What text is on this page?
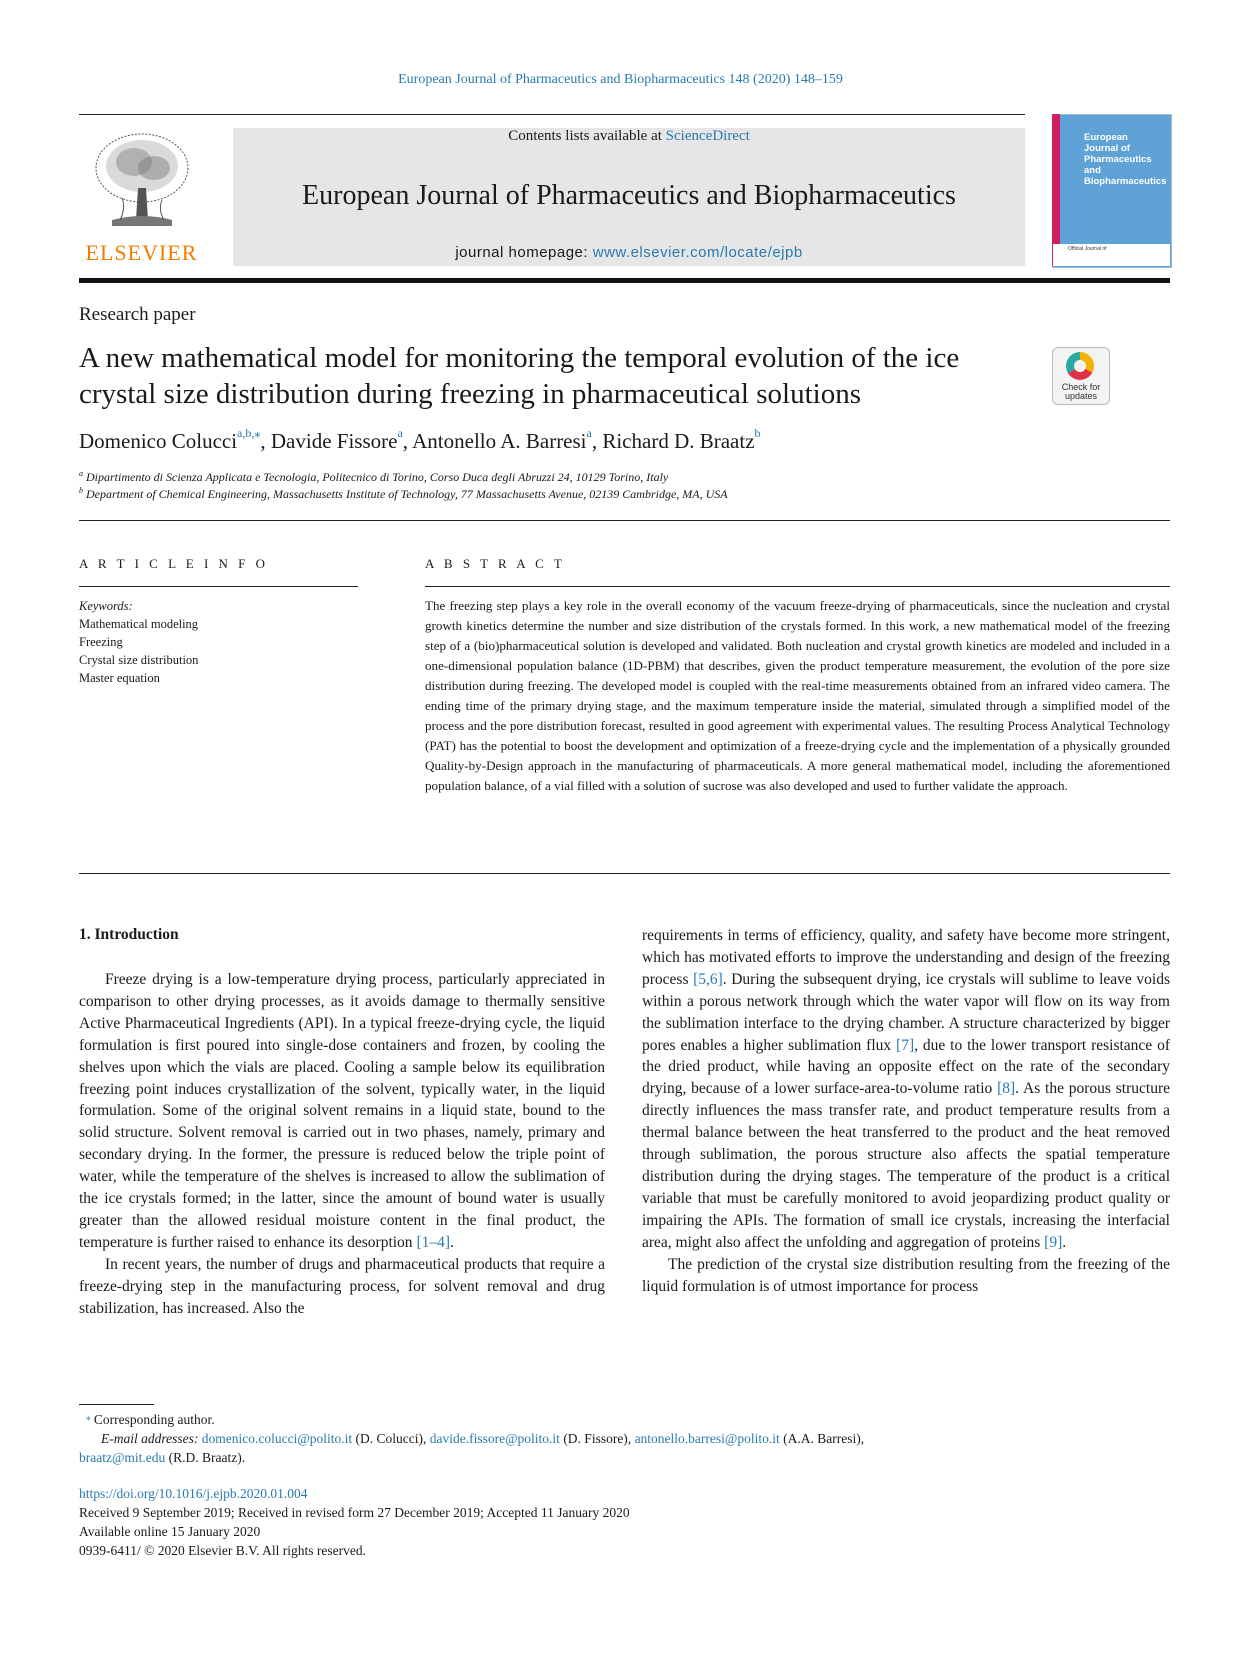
European Journal of Pharmaceutics and Biopharmaceutics 148 (2020) 148–159
ELSEVIER
Contents lists available at ScienceDirect
European Journal of Pharmaceutics and Biopharmaceutics
journal homepage: www.elsevier.com/locate/ejpb
European
Journal of
Pharmaceutics and
Biopharmaceutics
Official Journal of
Research paper
A new mathematical model for monitoring the temporal evolution of the ice crystal size distribution during freezing in pharmaceutical solutions	Check for
updates
Domenico Colucci$^{a,b,⁎}$, Davide Fissore$^a$, Antonello A. Barresi$^a$, Richard D. Braatz$^b$
$^a$ Dipartimento di Scienza Applicata e Tecnologia, Politecnico di Torino, Corso Duca degli Abruzzi 24, 10129 Torino, Italy
$^b$ Department of Chemical Engineering, Massachusetts Institute of Technology, 77 Massachusetts Avenue, 02139 Cambridge, MA, USA
A R T I C L E I N F O
Keywords:
Mathematical modeling
Freezing
Crystal size distribution
Master equation
A B S T R A C T
The freezing step plays a key role in the overall economy of the vacuum freeze-drying of pharmaceuticals, since the nucleation and crystal growth kinetics determine the number and size distribution of the crystals formed. In this work, a new mathematical model of the freezing step of a (bio)pharmaceutical solution is developed and validated. Both nucleation and crystal growth kinetics are modeled and included in a one-dimensional population balance (1D-PBM) that describes, given the product temperature measurement, the evolution of the pore size distribution during freezing. The developed model is coupled with the real-time measurements obtained from an infrared video camera. The ending time of the primary drying stage, and the maximum temperature inside the material, simulated through a simplified model of the process and the pore distribution forecast, resulted in good agreement with experimental values. The resulting Process Analytical Technology (PAT) has the potential to boost the development and optimization of a freeze-drying cycle and the implementation of a physically grounded Quality-by-Design approach in the manufacturing of pharmaceuticals. A more general mathematical model, including the aforementioned population balance, of a vial filled with a solution of sucrose was also developed and used to further validate the approach.
1. Introduction

Freeze drying is a low-temperature drying process, particularly appreciated in comparison to other drying processes, as it avoids damage to thermally sensitive Active Pharmaceutical Ingredients (API). In a typical freeze-drying cycle, the liquid formulation is first poured into single-dose containers and frozen, by cooling the shelves upon which the vials are placed. Cooling a sample below its equilibration freezing point induces crystallization of the solvent, typically water, in the liquid formulation. Some of the original solvent remains in a liquid state, bound to the solid structure. Solvent removal is carried out in two phases, namely, primary and secondary drying. In the former, the pressure is reduced below the triple point of water, while the temperature of the shelves is increased to allow the sublimation of the ice crystals formed; in the latter, since the amount of bound water is usually greater than the allowed residual moisture content in the final product, the temperature is further raised to enhance its desorption [1–4].

In recent years, the number of drugs and pharmaceutical products that require a freeze-drying step in the manufacturing process, for solvent removal and drug stabilization, has increased. Also the

requirements in terms of efficiency, quality, and safety have become more stringent, which has motivated efforts to improve the understanding and design of the freezing process [5,6]. During the subsequent drying, ice crystals will sublime to leave voids within a porous network through which the water vapor will flow on its way from the sublimation interface to the drying chamber. A structure characterized by bigger pores enables a higher sublimation flux [7], due to the lower transport resistance of the dried product, while having an opposite effect on the rate of the secondary drying, because of a lower surface-area-to-volume ratio [8]. As the porous structure directly influences the mass transfer rate, and product temperature results from a thermal balance between the heat transferred to the product and the heat removed through sublimation, the porous structure also affects the spatial temperature distribution during the drying stages. The temperature of the product is a critical variable that must be carefully monitored to avoid jeopardizing product quality or impairing the APIs. The formation of small ice crystals, increasing the interfacial area, might also affect the unfolding and aggregation of proteins [9].

The prediction of the crystal size distribution resulting from the freezing of the liquid formulation is of utmost importance for process

⁎ Corresponding author.
E-mail addresses: domenico.colucci@polito.it (D. Colucci), davide.fissore@polito.it (D. Fissore), antonello.barresi@polito.it (A.A. Barresi),
braatz@mit.edu (R.D. Braatz).
https://doi.org/10.1016/j.ejpb.2020.01.004
Received 9 September 2019; Received in revised form 27 December 2019; Accepted 11 January 2020
Available online 15 January 2020
0939-6411/ © 2020 Elsevier B.V. All rights reserved.
